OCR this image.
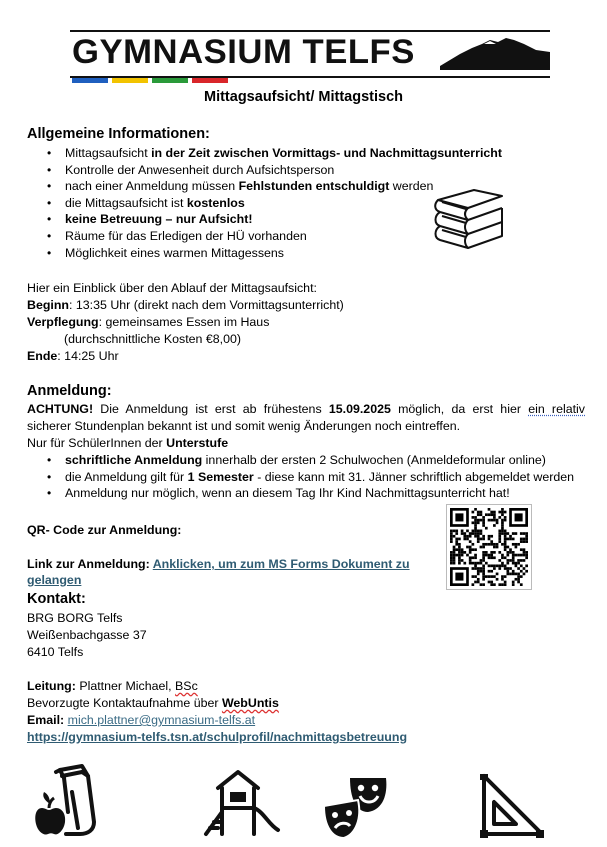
GYMNASIUM TELFS
Mittagsaufsicht/ Mittagstisch
Allgemeine Informationen:
• Mittagsaufsicht in der Zeit zwischen Vormittags- und Nachmittagsunterricht
• Kontrolle der Anwesenheit durch Aufsichtsperson
• nach einer Anmeldung müssen Fehlstunden entschuldigt werden
• die Mittagsaufsicht ist kostenlos
• keine Betreuung – nur Aufsicht!
• Räume für das Erledigen der HÜ vorhanden
• Möglichkeit eines warmen Mittagessens
Hier ein Einblick über den Ablauf der Mittagsaufsicht:
Beginn: 13:35 Uhr (direkt nach dem Vormittagsunterricht)
Verpflegung: gemeinsames Essen im Haus
(durchschnittliche Kosten €8,00)
Ende: 14:25 Uhr
Anmeldung:
ACHTUNG! Die Anmeldung ist erst ab frühestens 15.09.2025 möglich, da erst hier ein relativ
sicherer Stundenplan bekannt ist und somit wenig Änderungen noch eintreffen.
Nur für SchülerInnen der Unterstufe
• schriftliche Anmeldung innerhalb der ersten 2 Schulwochen (Anmeldeformular online)
• die Anmeldung gilt für 1 Semester - diese kann mit 31. Jänner schriftlich abgemeldet werden
• Anmeldung nur möglich, wenn an diesem Tag Ihr Kind Nachmittagsunterricht hat!
QR- Code zur Anmeldung:
Link zur Anmeldung: Anklicken, um zum MS Forms Dokument zu
gelangen
Kontakt:
BRG BORG Telfs
Weißenbachgasse 37
6410 Telfs
Leitung: Plattner Michael, BSc
Bevorzugte Kontaktaufnahme über WebUntis
Email: mich.plattner@gymnasium-telfs.at
https://gymnasium-telfs.tsn.at/schulprofil/nachmittagsbetreuung
